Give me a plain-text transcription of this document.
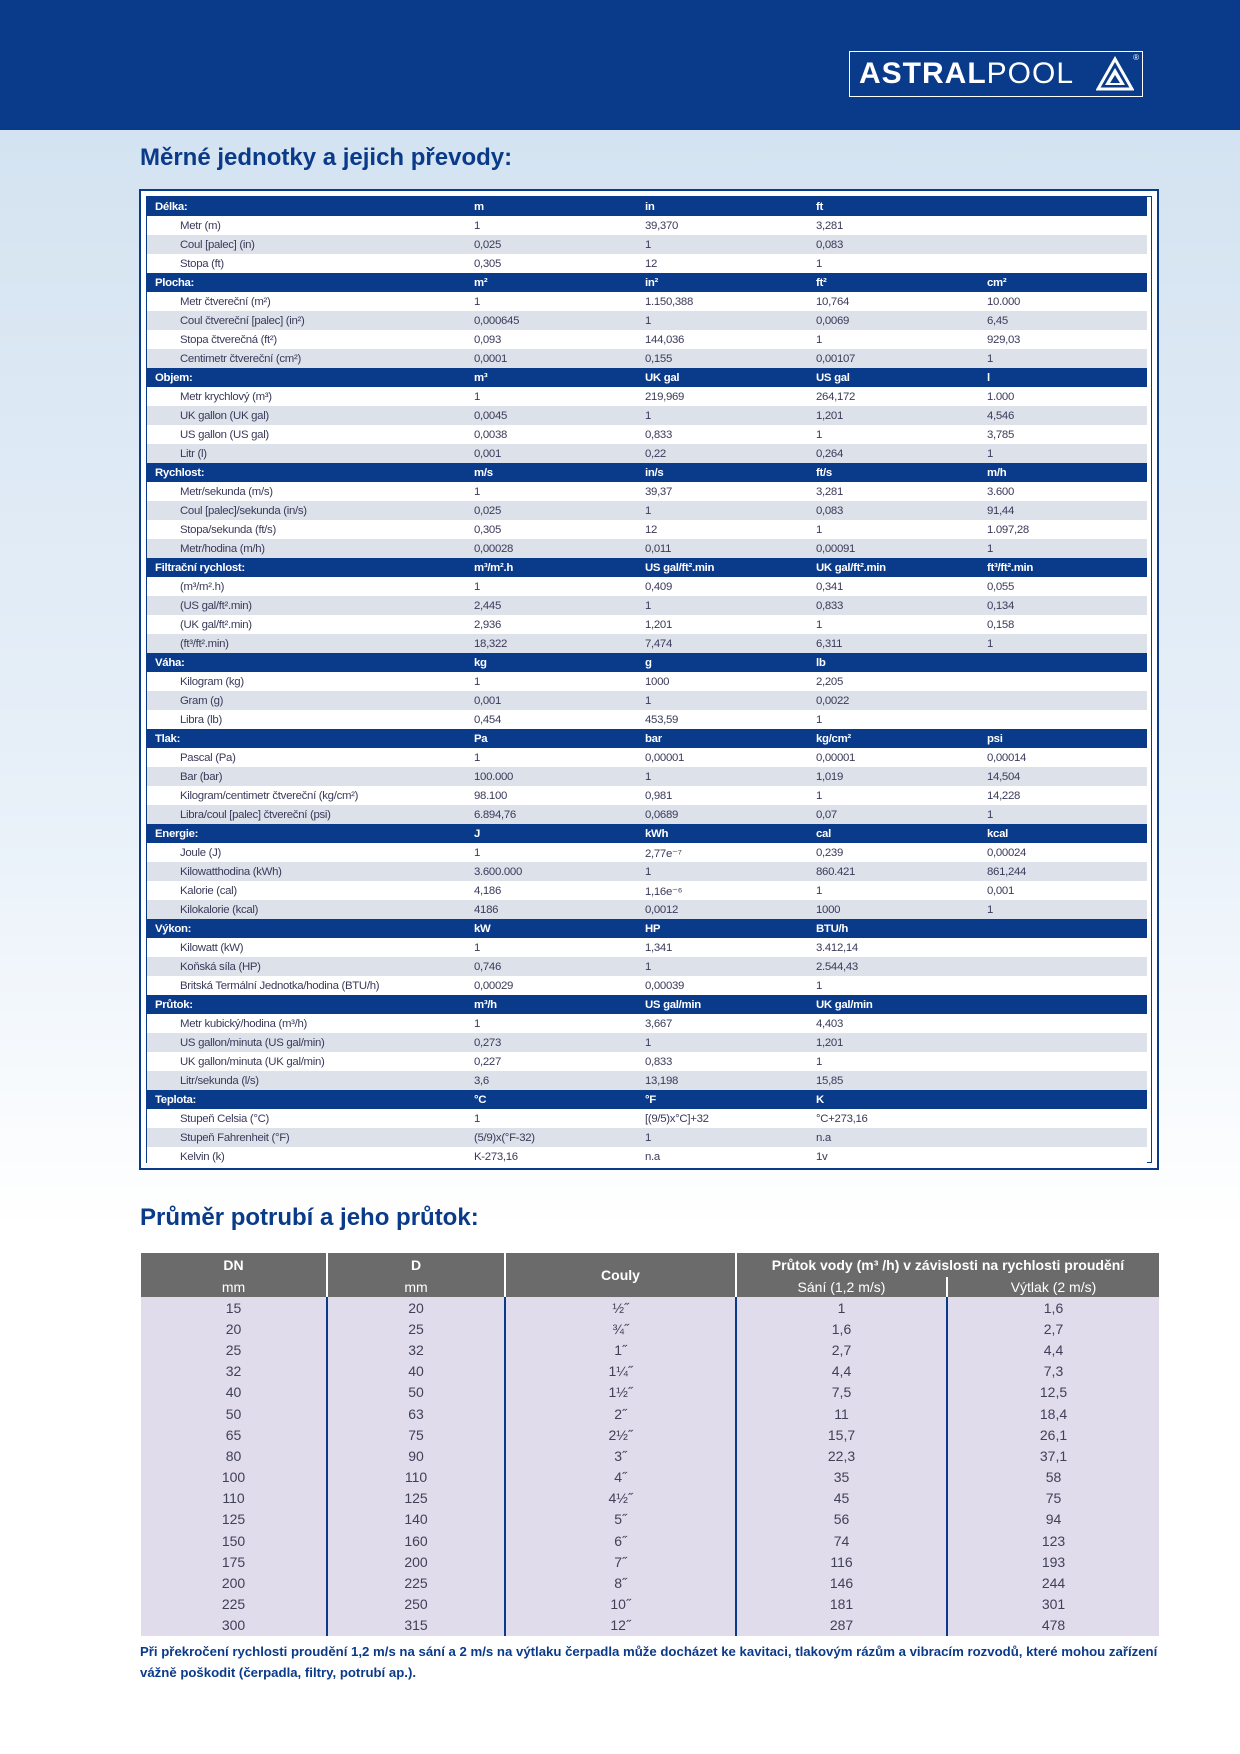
ASTRALPOOL	®
Měrné jednotky a jejich převody:
Délka:	m	in	ft	
Metr (m)	1	39,370	3,281	
Coul [palec] (in)	0,025	1	0,083	
Stopa (ft)	0,305	12	1	
Plocha:	m²	in²	ft²	cm²
Metr čtvereční (m²)	1	1.150,388	10,764	10.000
Coul čtvereční [palec] (in²)	0,000645	1	0,0069	6,45
Stopa čtverečná (ft²)	0,093	144,036	1	929,03
Centimetr čtvereční (cm²)	0,0001	0,155	0,00107	1
Objem:	m³	UK gal	US gal	l
Metr krychlový (m³)	1	219,969	264,172	1.000
UK gallon (UK gal)	0,0045	1	1,201	4,546
US gallon (US gal)	0,0038	0,833	1	3,785
Litr (l)	0,001	0,22	0,264	1
Rychlost:	m/s	in/s	ft/s	m/h
Metr/sekunda (m/s)	1	39,37	3,281	3.600
Coul [palec]/sekunda (in/s)	0,025	1	0,083	91,44
Stopa/sekunda (ft/s)	0,305	12	1	1.097,28
Metr/hodina (m/h)	0,00028	0,011	0,00091	1
Filtrační rychlost:	m³/m².h	US gal/ft².min	UK gal/ft².min	ft³/ft².min
(m³/m².h)	1	0,409	0,341	0,055
(US gal/ft².min)	2,445	1	0,833	0,134
(UK gal/ft².min)	2,936	1,201	1	0,158
(ft³/ft².min)	18,322	7,474	6,311	1
Váha:	kg	g	lb	
Kilogram (kg)	1	1000	2,205	
Gram (g)	0,001	1	0,0022	
Libra (lb)	0,454	453,59	1	
Tlak:	Pa	bar	kg/cm²	psi
Pascal (Pa)	1	0,00001	0,00001	0,00014
Bar (bar)	100.000	1	1,019	14,504
Kilogram/centimetr čtvereční (kg/cm²)	98.100	0,981	1	14,228
Libra/coul [palec] čtvereční (psi)	6.894,76	0,0689	0,07	1
Energie:	J	kWh	cal	kcal
Joule (J)	1	2,77e⁻⁷	0,239	0,00024
Kilowatthodina (kWh)	3.600.000	1	860.421	861,244
Kalorie (cal)	4,186	1,16e⁻⁶	1	0,001
Kilokalorie (kcal)	4186	0,0012	1000	1
Výkon:	kW	HP	BTU/h	
Kilowatt (kW)	1	1,341	3.412,14	
Koňská síla (HP)	0,746	1	2.544,43	
Britská Termální Jednotka/hodina (BTU/h)	0,00029	0,00039	1	
Průtok:	m³/h	US gal/min	UK gal/min	
Metr kubický/hodina (m³/h)	1	3,667	4,403	
US gallon/minuta (US gal/min)	0,273	1	1,201	
UK gallon/minuta (UK gal/min)	0,227	0,833	1	
Litr/sekunda (l/s)	3,6	13,198	15,85	
Teplota:	°C	°F	K	
Stupeň Celsia (°C)	1	[(9/5)x°C]+32	°C+273,16	
Stupeň Fahrenheit (°F)	(5/9)x(°F-32)	1	n.a	
Kelvin (k)	K-273,16	n.a	1v	
Průměr potrubí a jeho průtok:
DN	D	Couly	Průtok vody (m³ /h) v závislosti na rychlosti proudění	
mm	mm		Sání (1,2 m/s)	Výtlak (2 m/s)
15	20	½˝	1	1,6
20	25	¾˝	1,6	2,7
25	32	1˝	2,7	4,4
32	40	1¼˝	4,4	7,3
40	50	1½˝	7,5	12,5
50	63	2˝	11	18,4
65	75	2½˝	15,7	26,1
80	90	3˝	22,3	37,1
100	110	4˝	35	58
110	125	4½˝	45	75
125	140	5˝	56	94
150	160	6˝	74	123
175	200	7˝	116	193
200	225	8˝	146	244
225	250	10˝	181	301
300	315	12˝	287	478

Při překročení rychlosti proudění 1,2 m/s na sání a 2 m/s na výtlaku čerpadla může docházet ke kavitaci, tlakovým rázům a vibracím rozvodů, které mohou zařízení vážně poškodit (čerpadla, filtry, potrubí ap.).
